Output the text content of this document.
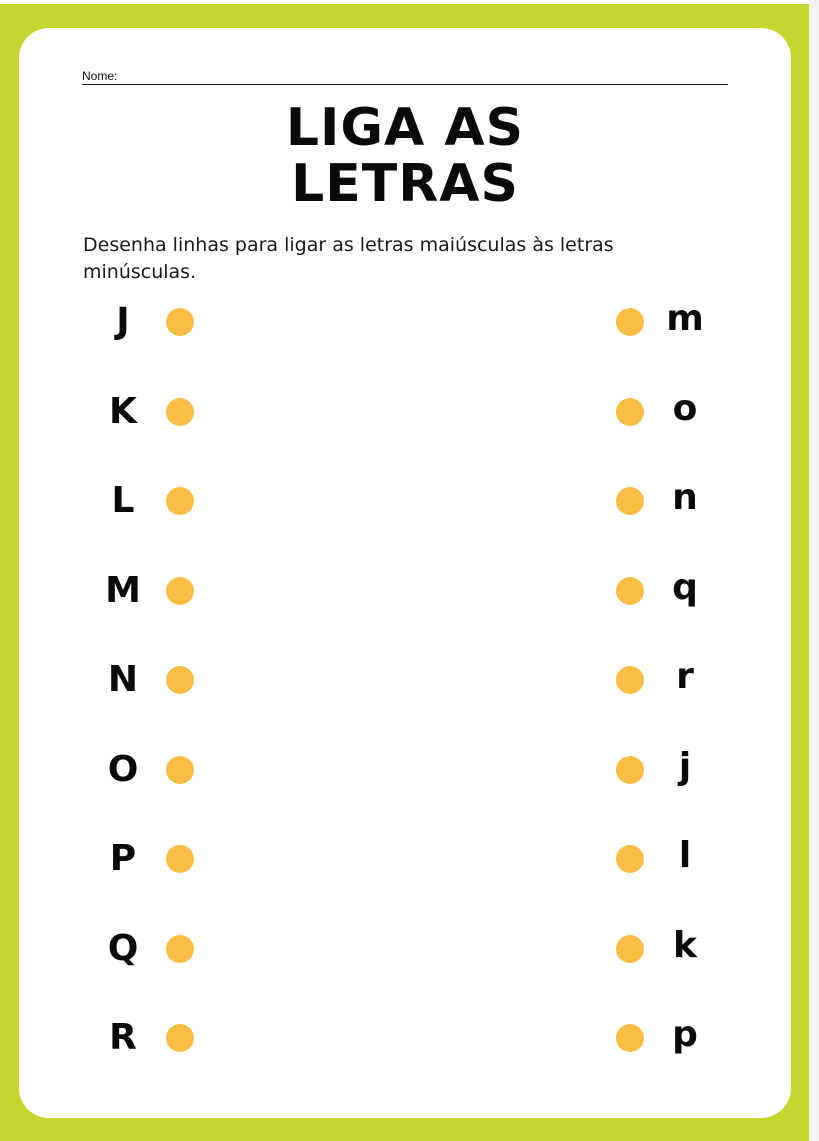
Nome:
LIGA AS
LETRAS
Desenha linhas para ligar as letras maiúsculas às letras minúsculas.
J	m
K	o
L	n
M	q
N	r
O	j
P	l
Q	k
R	p
